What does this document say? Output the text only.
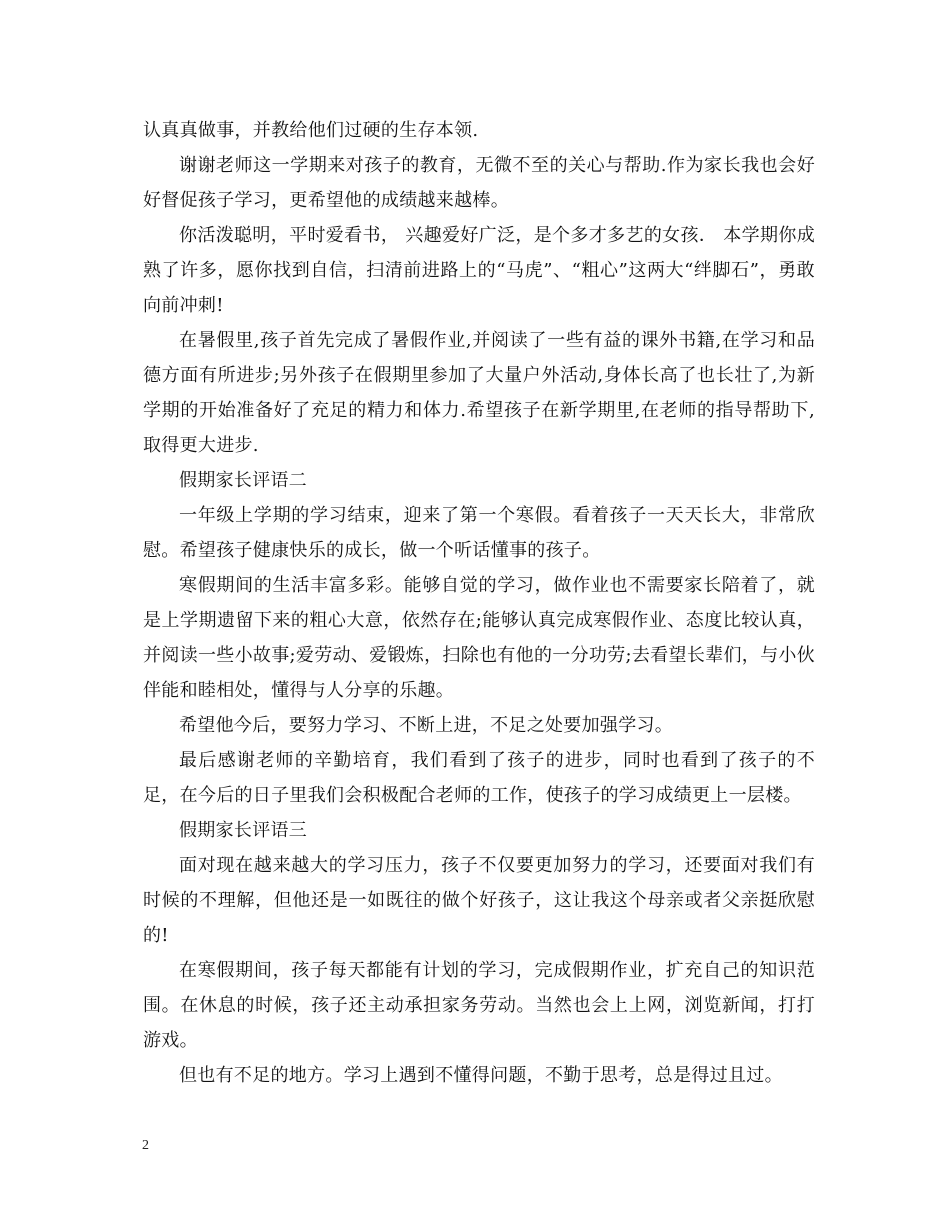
认真真做事，并教给他们过硬的生存本领.

谢谢老师这一学期来对孩子的教育，无微不至的关心与帮助.作为家长我也会好好督促孩子学习，更希望他的成绩越来越棒。

你活泼聪明，平时爱看书， 兴趣爱好广泛，是个多才多艺的女孩． 本学期你成熟了许多，愿你找到自信，扫清前进路上的“马虎”、“粗心”这两大“绊脚石”，勇敢向前冲刺!

在暑假里,孩子首先完成了暑假作业,并阅读了一些有益的课外书籍,在学习和品德方面有所进步;另外孩子在假期里参加了大量户外活动,身体长高了也长壮了,为新学期的开始准备好了充足的精力和体力.希望孩子在新学期里,在老师的指导帮助下,取得更大进步.

假期家长评语二

一年级上学期的学习结束，迎来了第一个寒假。看着孩子一天天长大，非常欣慰。希望孩子健康快乐的成长，做一个听话懂事的孩子。

寒假期间的生活丰富多彩。能够自觉的学习，做作业也不需要家长陪着了，就是上学期遗留下来的粗心大意，依然存在;能够认真完成寒假作业、态度比较认真，并阅读一些小故事;爱劳动、爱锻炼，扫除也有他的一分功劳;去看望长辈们，与小伙伴能和睦相处，懂得与人分享的乐趣。

希望他今后，要努力学习、不断上进，不足之处要加强学习。

最后感谢老师的辛勤培育，我们看到了孩子的进步，同时也看到了孩子的不足，在今后的日子里我们会积极配合老师的工作，使孩子的学习成绩更上一层楼。

假期家长评语三

面对现在越来越大的学习压力，孩子不仅要更加努力的学习，还要面对我们有时候的不理解，但他还是一如既往的做个好孩子，这让我这个母亲或者父亲挺欣慰的!

在寒假期间，孩子每天都能有计划的学习，完成假期作业，扩充自己的知识范围。在休息的时候，孩子还主动承担家务劳动。当然也会上上网，浏览新闻，打打游戏。

但也有不足的地方。学习上遇到不懂得问题，不勤于思考，总是得过且过。

2
